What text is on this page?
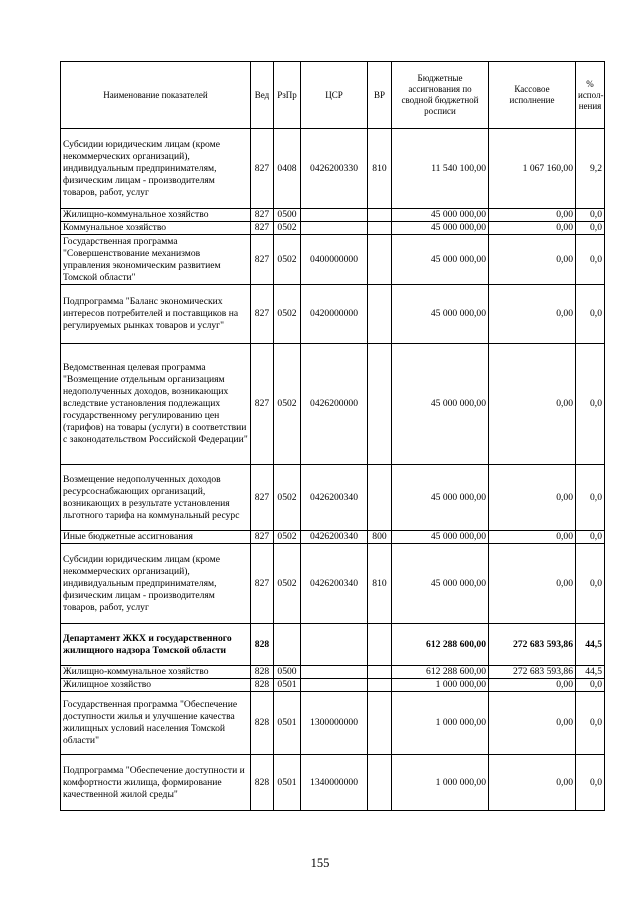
Наименование показателей	Вед	РзПр	ЦСР	ВР	Бюджетные ассигнования по сводной бюджетной росписи	Кассовое исполнение	% испол-нения
Субсидии юридическим лицам (кроме некоммерческих организаций), индивидуальным предпринимателям, физическим лицам - производителям товаров, работ, услуг	827	0408	0426200330	810	11 540 100,00	1 067 160,00	9,2
Жилищно-коммунальное хозяйство	827	0500			45 000 000,00	0,00	0,0
Коммунальное хозяйство	827	0502			45 000 000,00	0,00	0,0
Государственная программа "Совершенствование механизмов управления экономическим развитием Томской области"	827	0502	0400000000		45 000 000,00	0,00	0,0
Подпрограмма "Баланс экономических интересов потребителей и поставщиков на регулируемых рынках товаров и услуг"	827	0502	0420000000		45 000 000,00	0,00	0,0
Ведомственная целевая программа "Возмещение отдельным организациям недополученных доходов, возникающих вследствие установления подлежащих государственному регулированию цен (тарифов) на товары (услуги) в соответствии с законодательством Российской Федерации"	827	0502	0426200000		45 000 000,00	0,00	0,0
Возмещение недополученных доходов ресурсоснабжающих организаций, возникающих в результате установления льготного тарифа на коммунальный ресурс	827	0502	0426200340		45 000 000,00	0,00	0,0
Иные бюджетные ассигнования	827	0502	0426200340	800	45 000 000,00	0,00	0,0
Субсидии юридическим лицам (кроме некоммерческих организаций), индивидуальным предпринимателям, физическим лицам - производителям товаров, работ, услуг	827	0502	0426200340	810	45 000 000,00	0,00	0,0
Департамент ЖКХ и государственного жилищного надзора Томской области	828				612 288 600,00	272 683 593,86	44,5
Жилищно-коммунальное хозяйство	828	0500			612 288 600,00	272 683 593,86	44,5
Жилищное хозяйство	828	0501			1 000 000,00	0,00	0,0
Государственная программа "Обеспечение доступности жилья и улучшение качества жилищных условий населения Томской области"	828	0501	1300000000		1 000 000,00	0,00	0,0
Подпрограмма "Обеспечение доступности и комфортности жилища, формирование качественной жилой среды"	828	0501	1340000000		1 000 000,00	0,00	0,0
155
